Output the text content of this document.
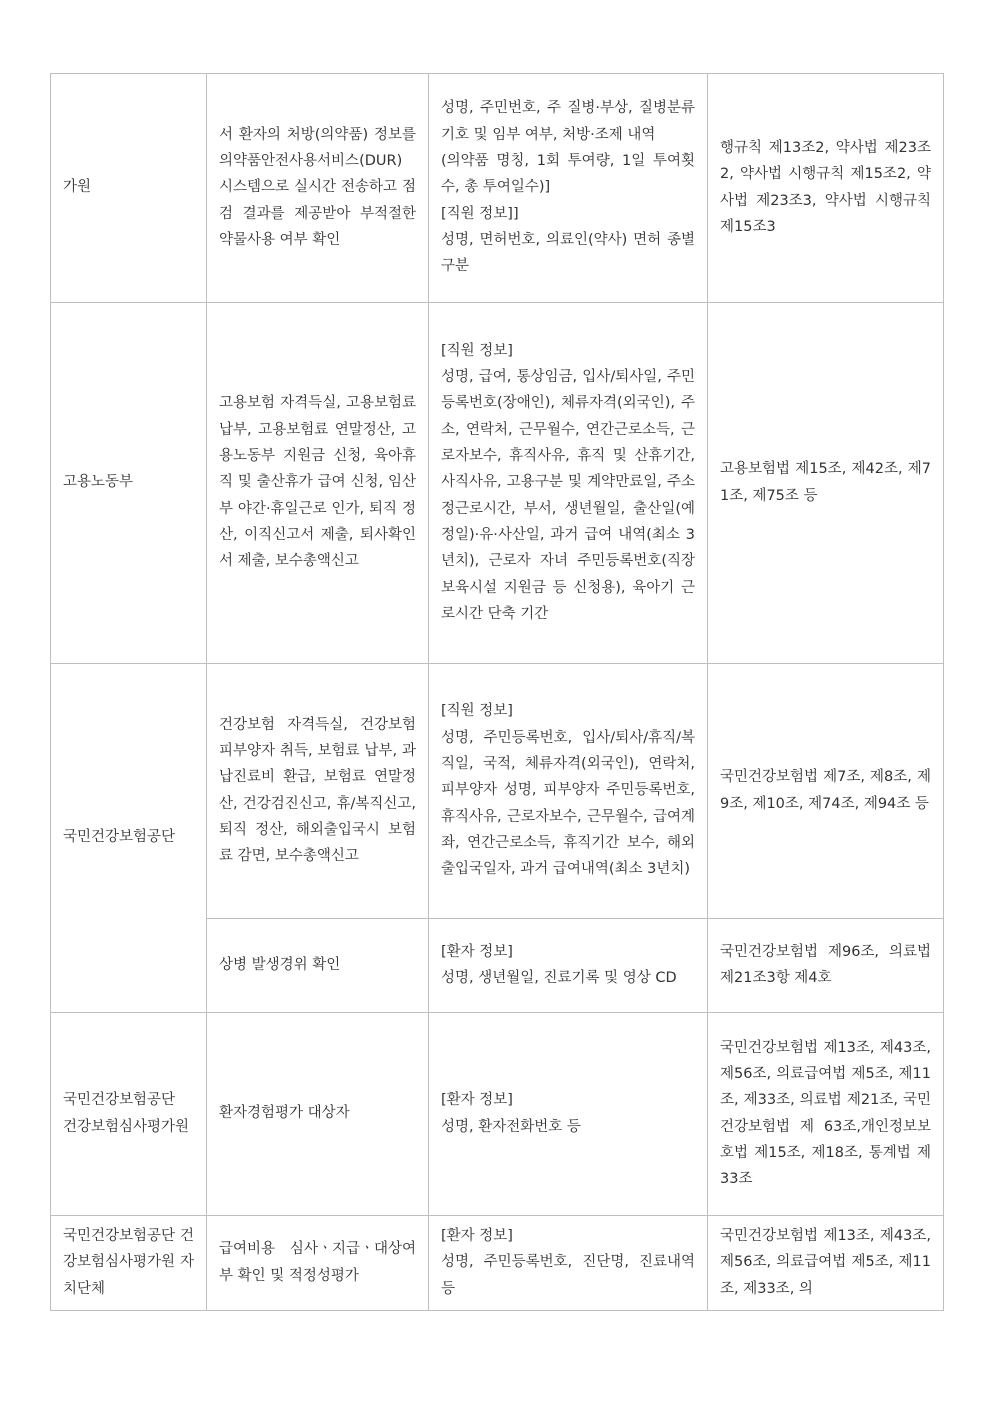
가원	서 환자의 처방(의약품) 정보를 의약품안전사용서비스(DUR) 시스템으로 실시간 전송하고 점검 결과를 제공받아 부적절한 약물사용 여부 확인	성명, 주민번호, 주 질병·부상, 질병분류기호 및 임부 여부, 처방·조제 내역
(의약품 명칭, 1회 투여량, 1일 투여횟수, 총 투여일수)]
[직원 정보]]
성명, 면허번호, 의료인(약사) 면허 종별구분	행규칙 제13조2, 약사법 제23조2, 약사법 시행규칙 제15조2, 약사법 제23조3, 약사법 시행규칙 제15조3

고용노동부	고용보험 자격득실, 고용보험료 납부, 고용보험료 연말정산, 고용노동부 지원금 신청, 육아휴직 및 출산휴가 급여 신청, 임산부 야간·휴일근로 인가, 퇴직 정산, 이직신고서 제출, 퇴사확인서 제출, 보수총액신고	[직원 정보]
성명, 급여, 통상임금, 입사/퇴사일, 주민등록번호(장애인), 체류자격(외국인), 주소, 연락처, 근무월수, 연간근로소득, 근로자보수, 휴직사유, 휴직 및 산휴기간, 사직사유, 고용구분 및 계약만료일, 주소정근로시간, 부서, 생년월일, 출산일(예정일)·유·사산일, 과거 급여 내역(최소 3년치), 근로자 자녀 주민등록번호(직장 보육시설 지원금 등 신청용), 육아기 근로시간 단축 기간	고용보험법 제15조, 제42조, 제71조, 제75조 등

국민건강보험공단	건강보험 자격득실, 건강보험 피부양자 취득, 보험료 납부, 과납진료비 환급, 보험료 연말정산, 건강검진신고, 휴/복직신고, 퇴직 정산, 해외출입국시 보험료 감면, 보수총액신고	[직원 정보]
성명, 주민등록번호, 입사/퇴사/휴직/복직일, 국적, 체류자격(외국인), 연락처, 피부양자 성명, 피부양자 주민등록번호, 휴직사유, 근로자보수, 근무월수, 급여계좌, 연간근로소득, 휴직기간 보수, 해외출입국일자, 과거 급여내역(최소 3년치)	국민건강보험법 제7조, 제8조, 제9조, 제10조, 제74조, 제94조 등

	상병 발생경위 확인	[환자 정보]
성명, 생년월일, 진료기록 및 영상 CD	국민건강보험법 제96조, 의료법 제21조3항 제4호

국민건강보험공단
건강보험심사평가원	환자경험평가 대상자	[환자 정보]
성명, 환자전화번호 등	국민건강보험법 제13조, 제43조, 제56조, 의료급여법 제5조, 제11조, 제33조, 의료법 제21조, 국민건강보험법 제 63조,개인정보보호법 제15조, 제18조, 통계법 제33조

국민건강보험공단 건강보험심사평가원 자치단체	급여비용 심사ㆍ지급ㆍ대상여부 확인 및 적정성평가	[환자 정보]
성명, 주민등록번호, 진단명, 진료내역 등	국민건강보험법 제13조, 제43조, 제56조, 의료급여법 제5조, 제11조, 제33조, 의
